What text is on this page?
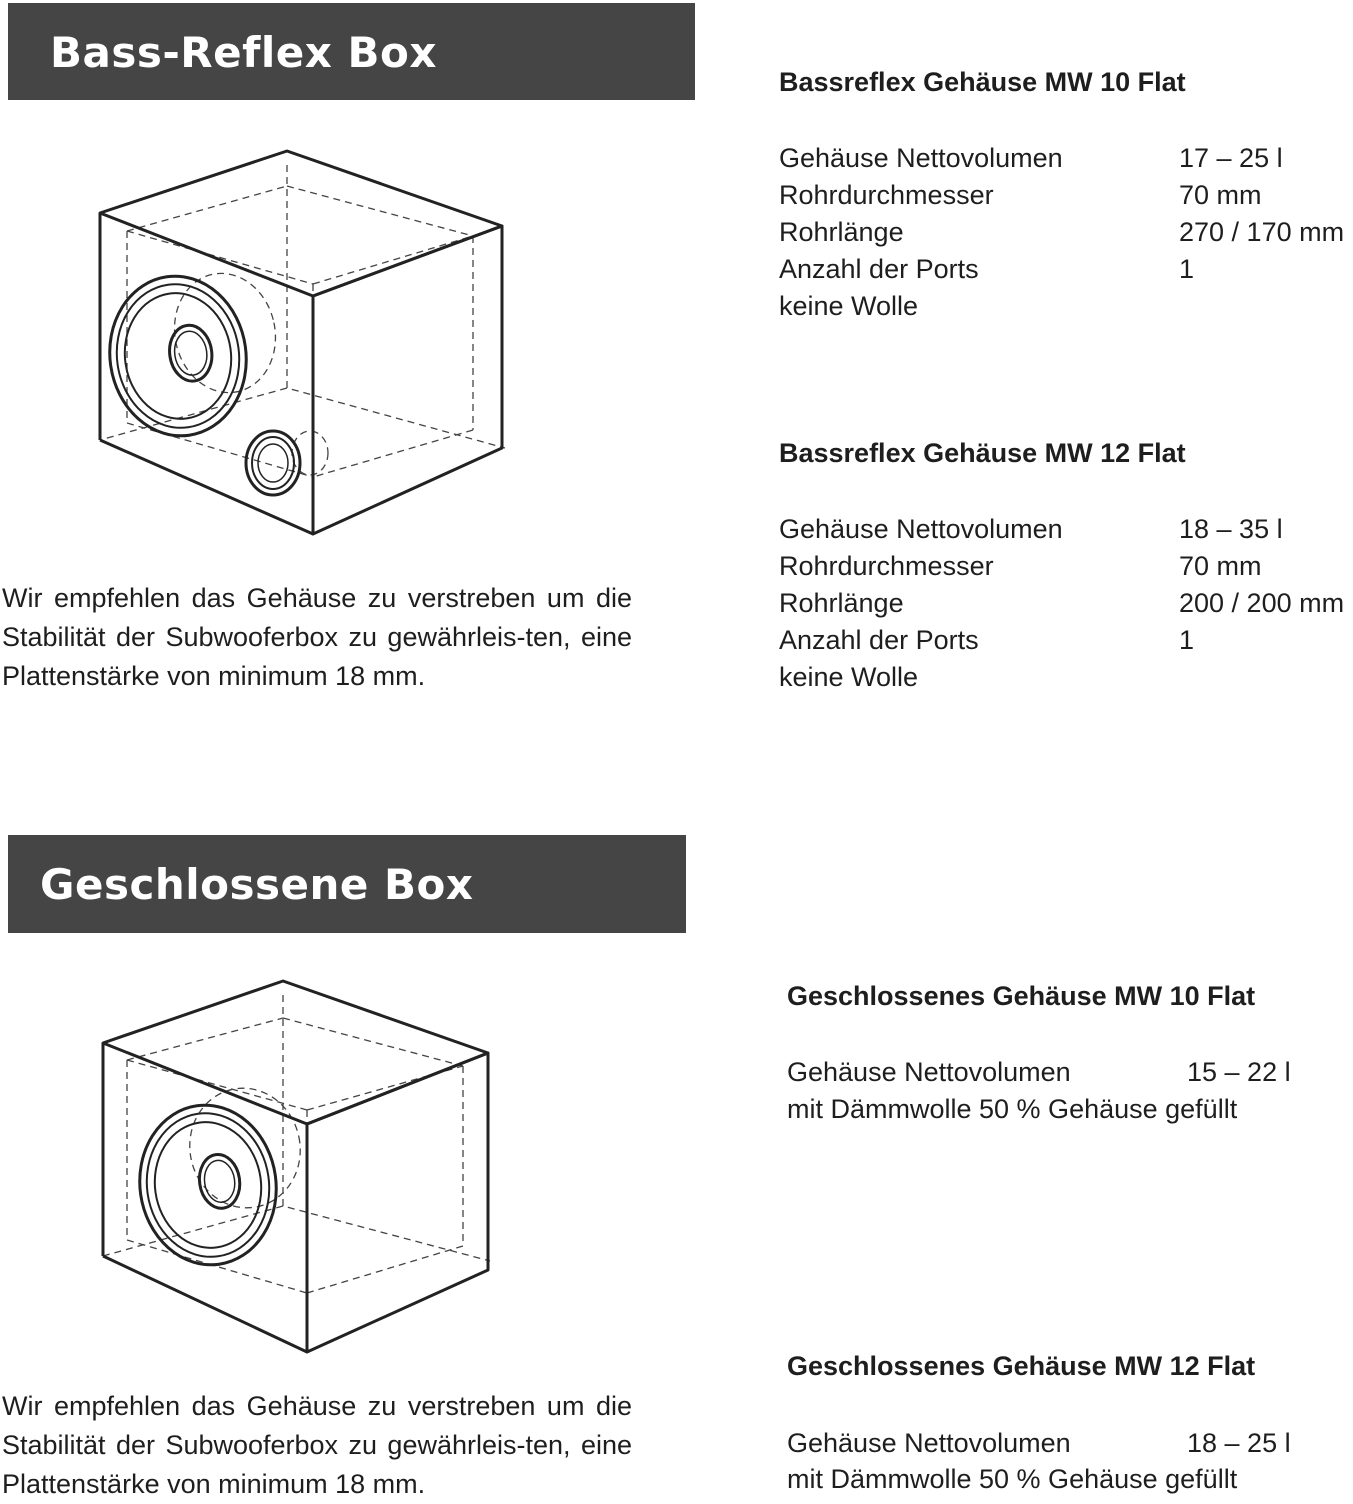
Bass-Reflex Box
Wir empfehlen das Gehäuse zu verstreben um die Stabilität der Subwooferbox zu gewährleis-ten, eine Plattenstärke von minimum 18 mm.
Bassreflex Gehäuse MW 10 Flat
Gehäuse Nettovolumen	17 – 25 l
Rohrdurchmesser	70 mm
Rohrlänge	270 / 170 mm
Anzahl der Ports	1
keine Wolle
Bassreflex Gehäuse MW 12 Flat
Gehäuse Nettovolumen	18 – 35 l
Rohrdurchmesser	70 mm
Rohrlänge	200 / 200 mm
Anzahl der Ports	1
keine Wolle
Geschlossene Box
Wir empfehlen das Gehäuse zu verstreben um die Stabilität der Subwooferbox zu gewährleis-ten, eine Plattenstärke von minimum 18 mm.
Geschlossenes Gehäuse MW 10 Flat
Gehäuse Nettovolumen	15 – 22 l
mit Dämmwolle 50 % Gehäuse gefüllt
Geschlossenes Gehäuse MW 12 Flat
Gehäuse Nettovolumen	18 – 25 l
mit Dämmwolle 50 % Gehäuse gefüllt
